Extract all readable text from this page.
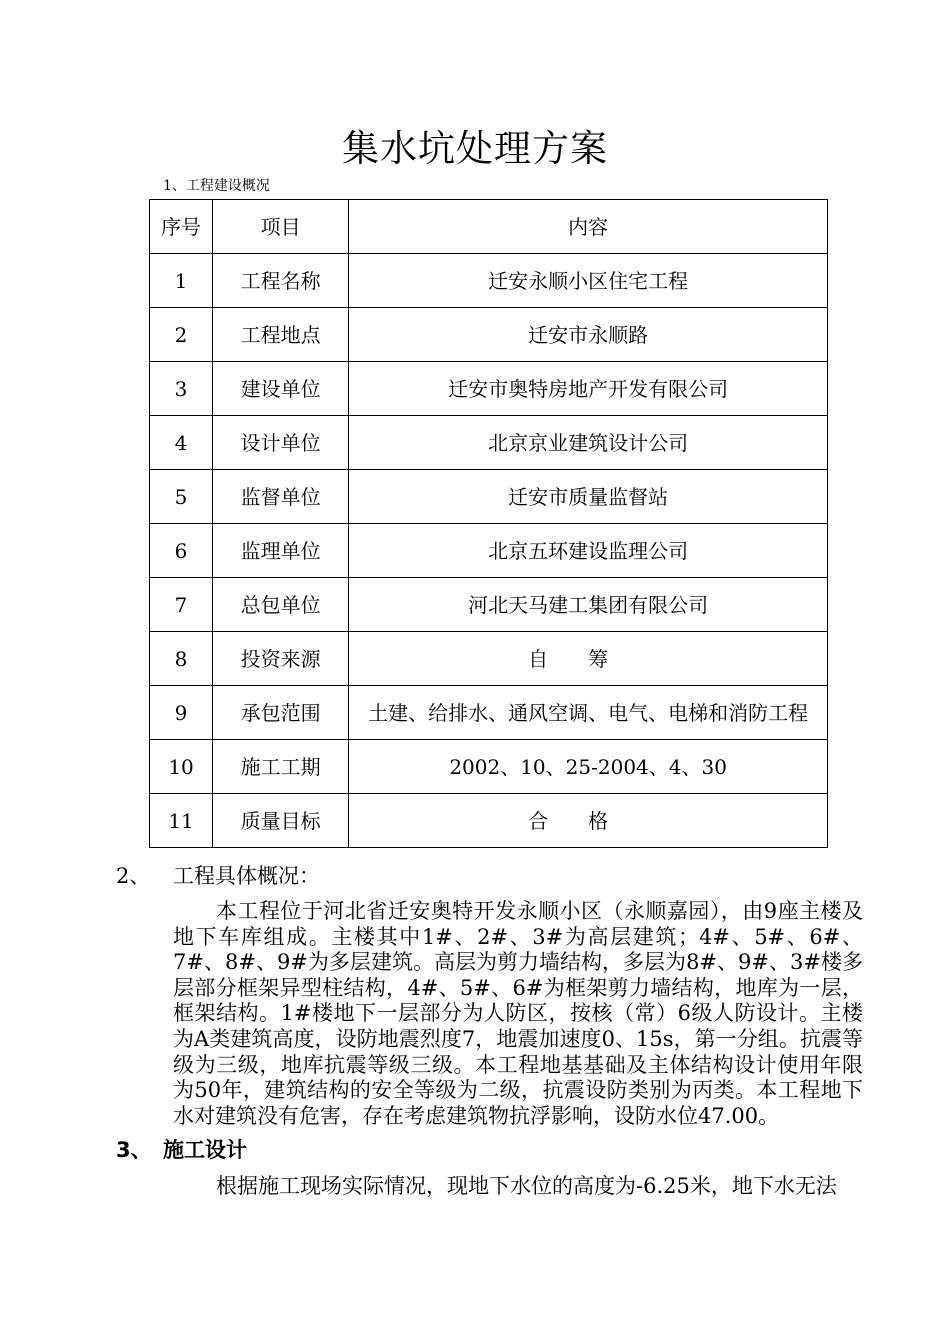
集水坑处理方案
1、工程建设概况
序号	项目	内容
1	工程名称	迁安永顺小区住宅工程
2	工程地点	迁安市永顺路
3	建设单位	迁安市奥特房地产开发有限公司
4	设计单位	北京京业建筑设计公司
5	监督单位	迁安市质量监督站
6	监理单位	北京五环建设监理公司
7	总包单位	河北天马建工集团有限公司
8	投资来源	自筹
9	承包范围	土建、给排水、通风空调、电气、电梯和消防工程
10	施工工期	2002、10、25-2004、4、30
11	质量目标	合格
2、 工程具体概况：
本工程位于河北省迁安奥特开发永顺小区（永顺嘉园），由9座主楼及地下车库组成。主楼其中1#、2#、3#为高层建筑；4#、5#、6#、7#、8#、9#为多层建筑。高层为剪力墙结构，多层为8#、9#、3#楼多层部分框架异型柱结构，4#、5#、6#为框架剪力墙结构，地库为一层，框架结构。1#楼地下一层部分为人防区，按核（常）6级人防设计。主楼为A类建筑高度，设防地震烈度7，地震加速度0、15s，第一分组。抗震等级为三级，地库抗震等级三级。本工程地基基础及主体结构设计使用年限为50年，建筑结构的安全等级为二级，抗震设防类别为丙类。本工程地下水对建筑没有危害，存在考虑建筑物抗浮影响，设防水位47.00。
3、 施工设计
根据施工现场实际情况，现地下水位的高度为-6.25米，地下水无法
